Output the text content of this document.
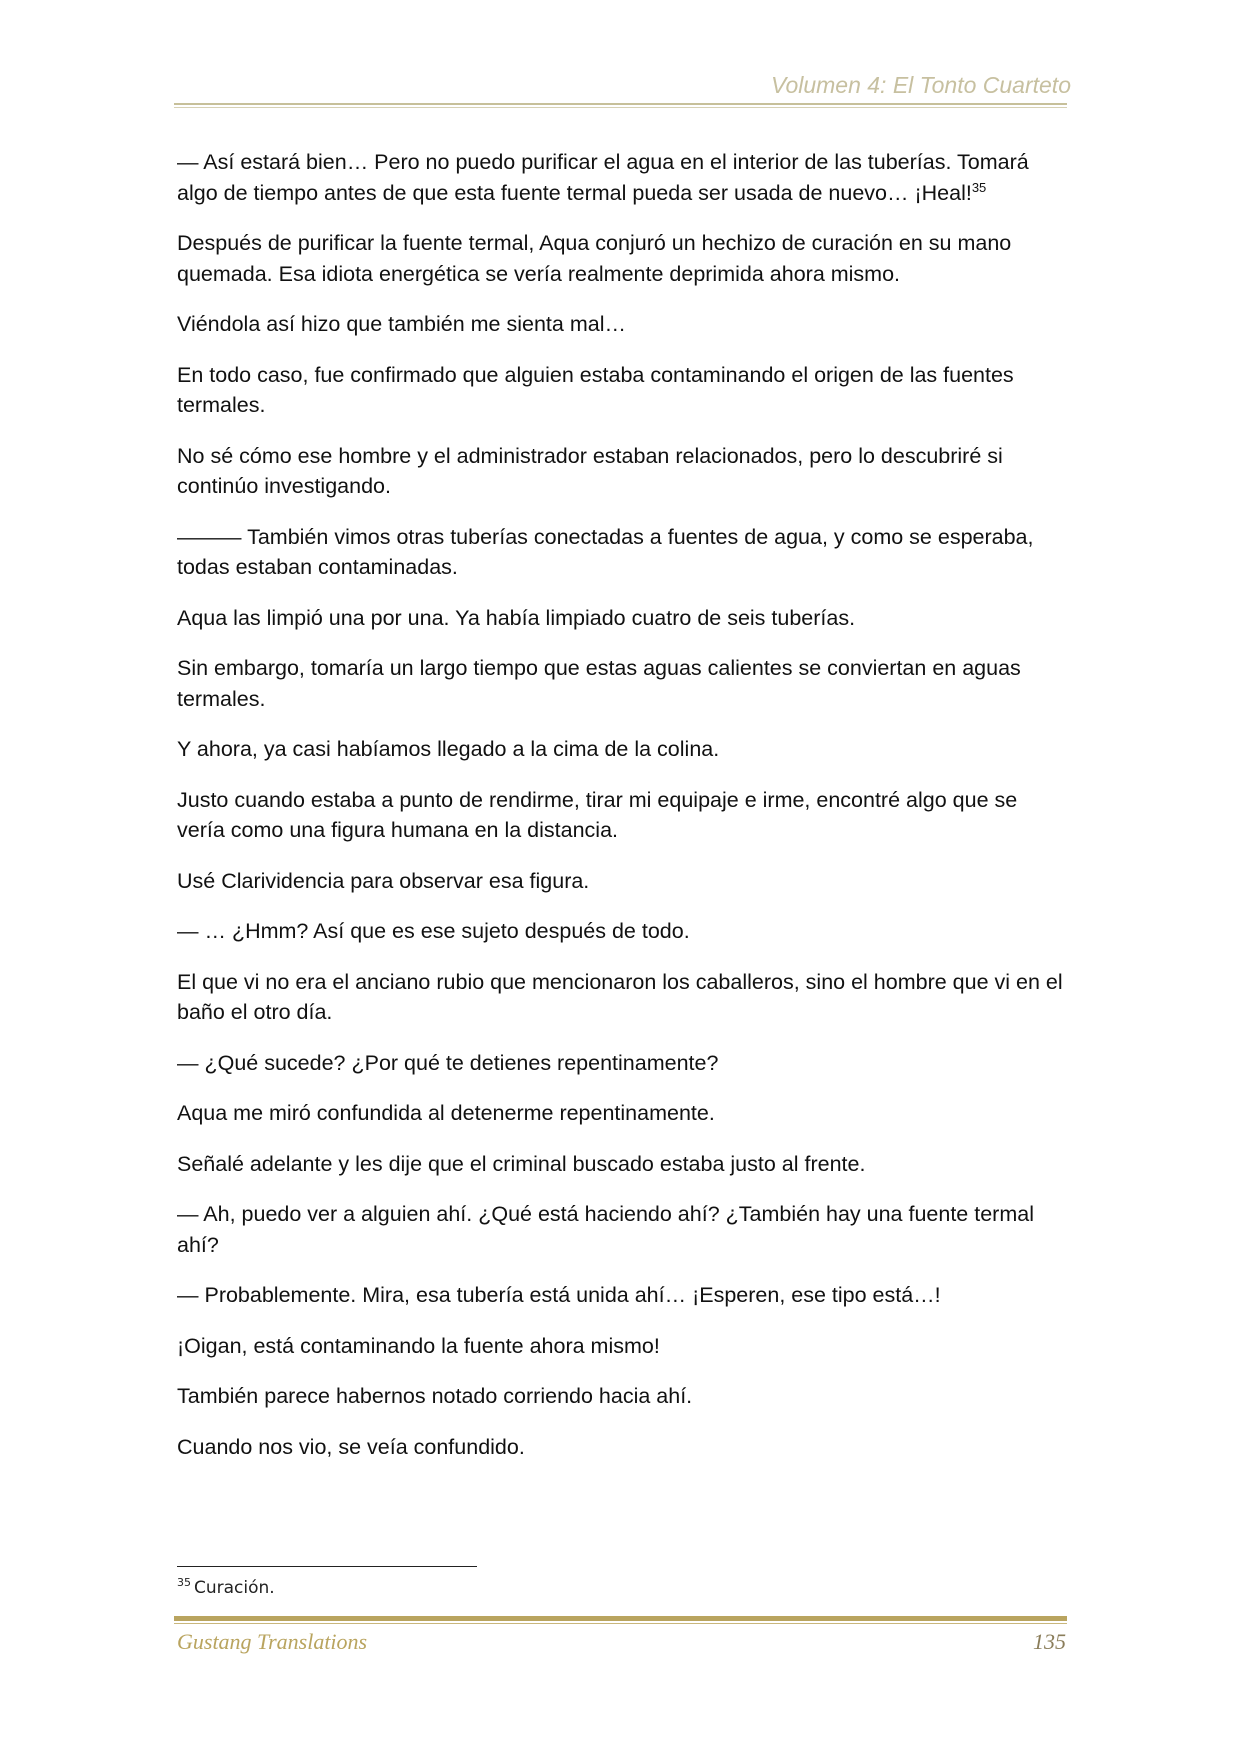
Volumen 4: El Tonto Cuarteto

— Así estará bien… Pero no puedo purificar el agua en el interior de las tuberías. Tomará algo de tiempo antes de que esta fuente termal pueda ser usada de nuevo… ¡Heal!$^{35}$

Después de purificar la fuente termal, Aqua conjuró un hechizo de curación en su mano quemada. Esa idiota energética se vería realmente deprimida ahora mismo.

Viéndola así hizo que también me sienta mal…

En todo caso, fue confirmado que alguien estaba contaminando el origen de las fuentes termales.

No sé cómo ese hombre y el administrador estaban relacionados, pero lo descubriré si continúo investigando.

——— También vimos otras tuberías conectadas a fuentes de agua, y como se esperaba, todas estaban contaminadas.

Aqua las limpió una por una. Ya había limpiado cuatro de seis tuberías.

Sin embargo, tomaría un largo tiempo que estas aguas calientes se conviertan en aguas termales.

Y ahora, ya casi habíamos llegado a la cima de la colina.

Justo cuando estaba a punto de rendirme, tirar mi equipaje e irme, encontré algo que se vería como una figura humana en la distancia.

Usé Clarividencia para observar esa figura.

— … ¿Hmm? Así que es ese sujeto después de todo.

El que vi no era el anciano rubio que mencionaron los caballeros, sino el hombre que vi en el baño el otro día.

— ¿Qué sucede? ¿Por qué te detienes repentinamente?

Aqua me miró confundida al detenerme repentinamente.

Señalé adelante y les dije que el criminal buscado estaba justo al frente.

— Ah, puedo ver a alguien ahí. ¿Qué está haciendo ahí? ¿También hay una fuente termal ahí?

— Probablemente. Mira, esa tubería está unida ahí… ¡Esperen, ese tipo está…!

¡Oigan, está contaminando la fuente ahora mismo!

También parece habernos notado corriendo hacia ahí.

Cuando nos vio, se veía confundido.

$^{35}$ Curación.
Gustang Translations	135
